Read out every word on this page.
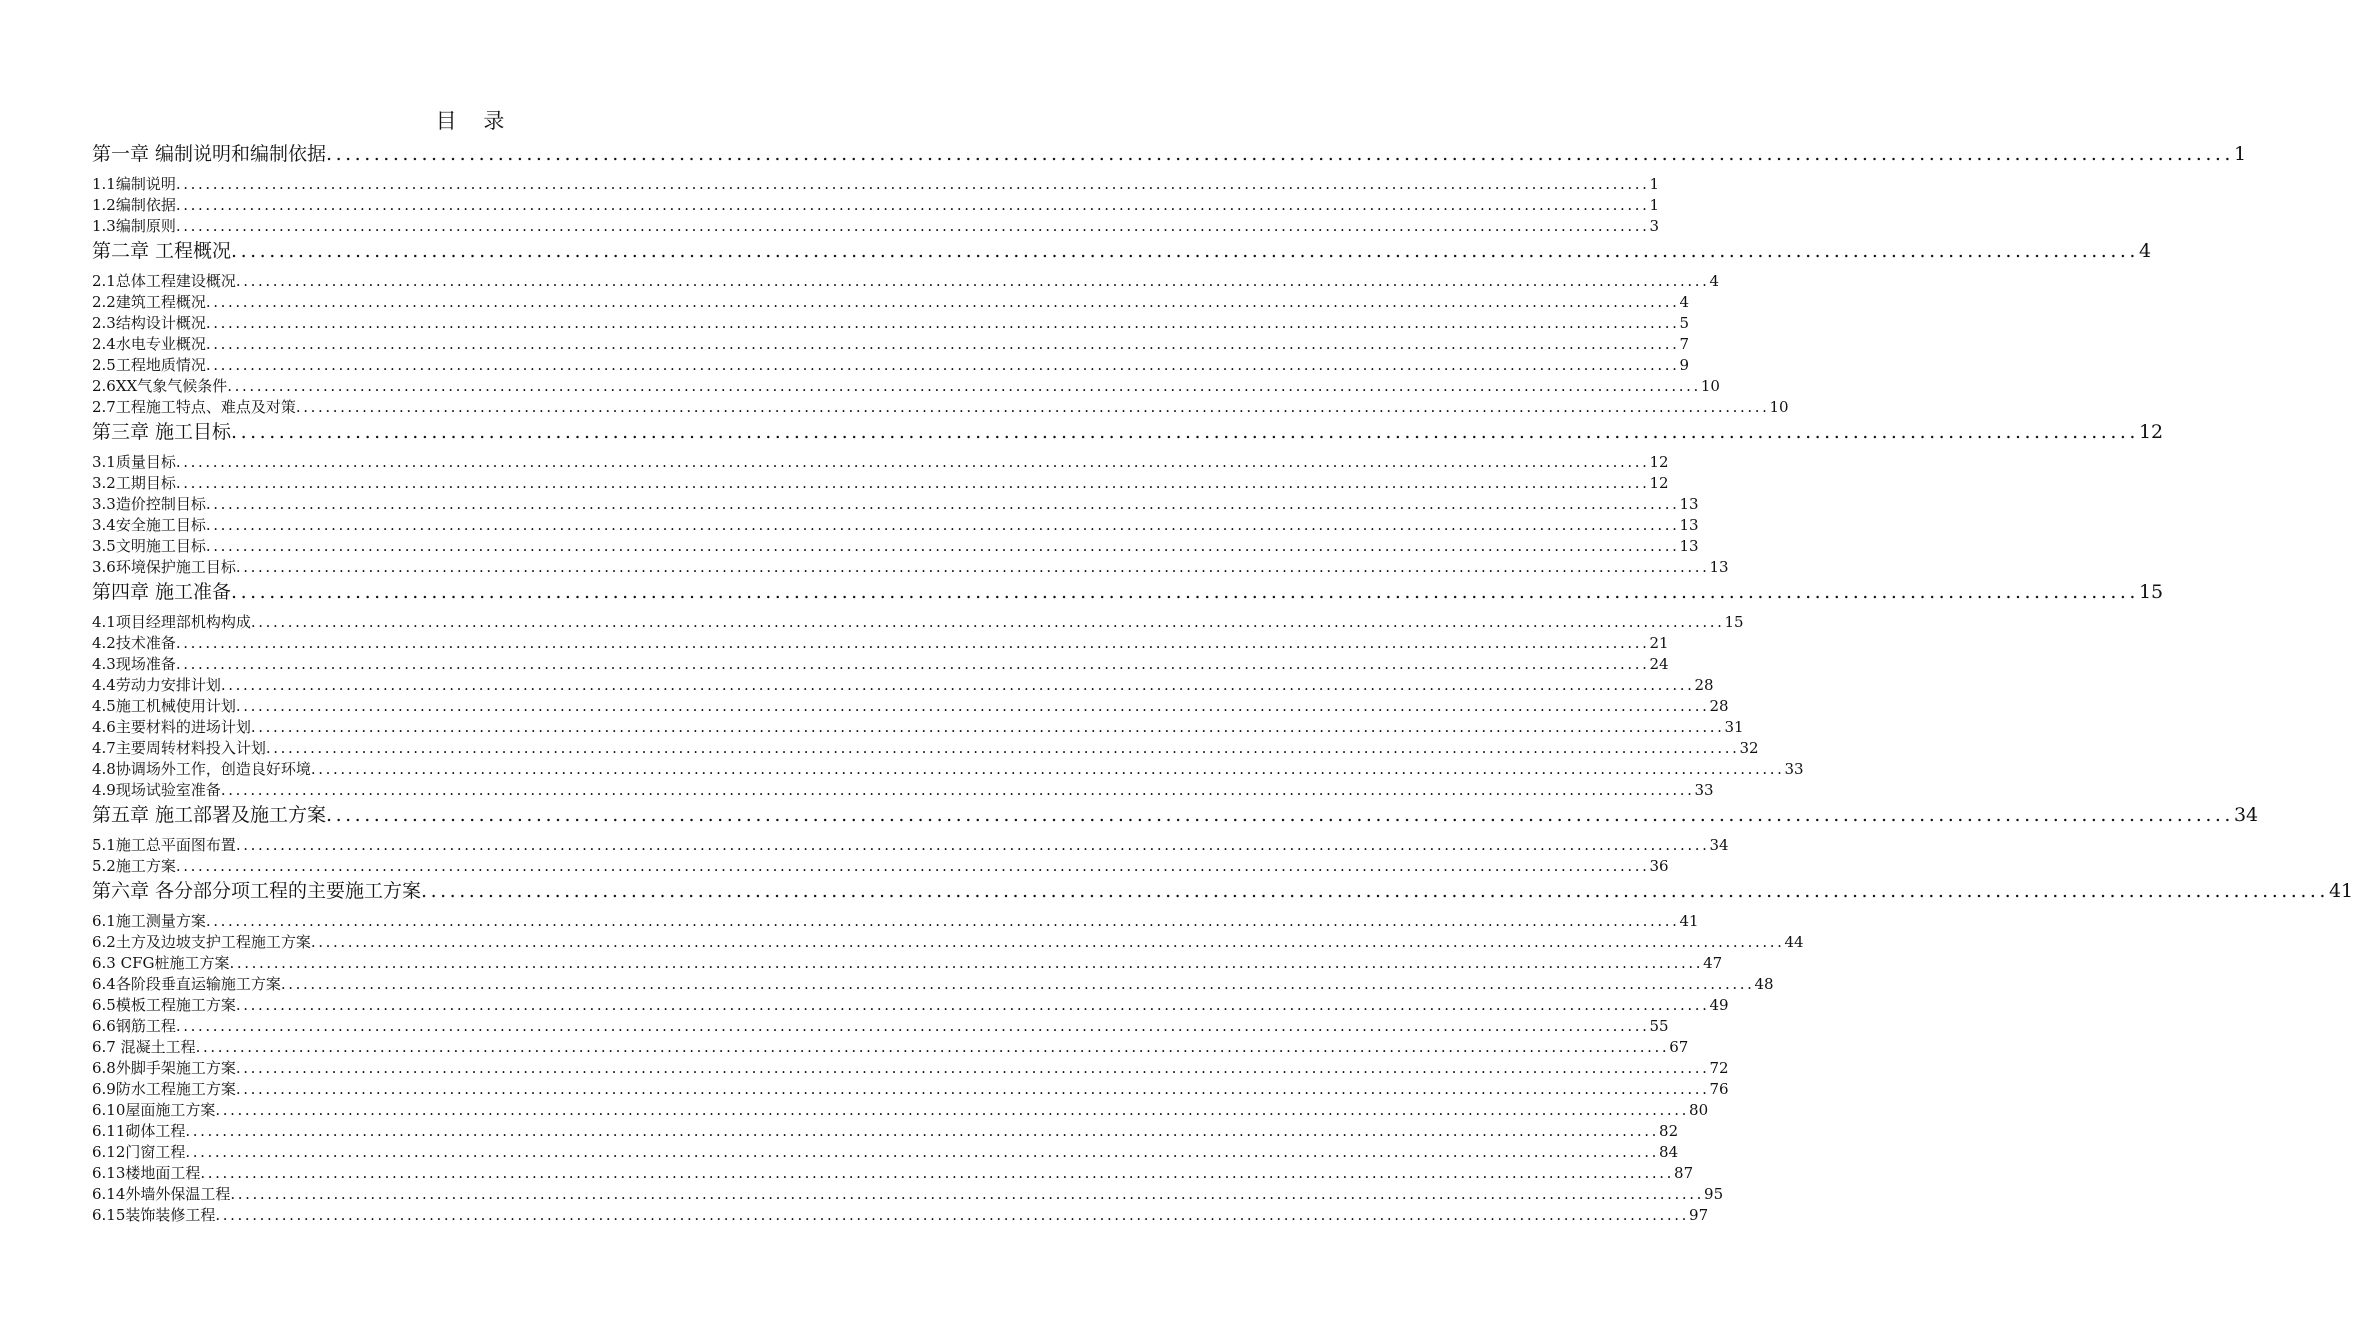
目 录
第一章 编制说明和编制依据 ........................................................................................................................................................................................................ 1
1.1编制说明 ........................................................................................................................................................................................................ 1
1.2编制依据 ........................................................................................................................................................................................................ 1
1.3编制原则 ........................................................................................................................................................................................................ 3
第二章 工程概况 ........................................................................................................................................................................................................ 4
2.1总体工程建设概况 ........................................................................................................................................................................................................ 4
2.2建筑工程概况 ........................................................................................................................................................................................................ 4
2.3结构设计概况 ........................................................................................................................................................................................................ 5
2.4水电专业概况 ........................................................................................................................................................................................................ 7
2.5工程地质情况 ........................................................................................................................................................................................................ 9
2.6XX气象气候条件 ........................................................................................................................................................................................................ 10
2.7工程施工特点、难点及对策 ........................................................................................................................................................................................................ 10
第三章 施工目标 ........................................................................................................................................................................................................ 12
3.1质量目标 ........................................................................................................................................................................................................ 12
3.2工期目标 ........................................................................................................................................................................................................ 12
3.3造价控制目标 ........................................................................................................................................................................................................ 13
3.4安全施工目标 ........................................................................................................................................................................................................ 13
3.5文明施工目标 ........................................................................................................................................................................................................ 13
3.6环境保护施工目标 ........................................................................................................................................................................................................ 13
第四章 施工准备 ........................................................................................................................................................................................................ 15
4.1项目经理部机构构成 ........................................................................................................................................................................................................ 15
4.2技术准备 ........................................................................................................................................................................................................ 21
4.3现场准备 ........................................................................................................................................................................................................ 24
4.4劳动力安排计划 ........................................................................................................................................................................................................ 28
4.5施工机械使用计划 ........................................................................................................................................................................................................ 28
4.6主要材料的进场计划 ........................................................................................................................................................................................................ 31
4.7主要周转材料投入计划 ........................................................................................................................................................................................................ 32
4.8协调场外工作，创造良好环境 ........................................................................................................................................................................................................ 33
4.9现场试验室准备 ........................................................................................................................................................................................................ 33
第五章 施工部署及施工方案 ........................................................................................................................................................................................................ 34
5.1施工总平面图布置 ........................................................................................................................................................................................................ 34
5.2施工方案 ........................................................................................................................................................................................................ 36
第六章 各分部分项工程的主要施工方案 ........................................................................................................................................................................................................ 41
6.1施工测量方案 ........................................................................................................................................................................................................ 41
6.2土方及边坡支护工程施工方案 ........................................................................................................................................................................................................ 44
6.3 CFG桩施工方案 ........................................................................................................................................................................................................ 47
6.4各阶段垂直运输施工方案 ........................................................................................................................................................................................................ 48
6.5模板工程施工方案 ........................................................................................................................................................................................................ 49
6.6钢筋工程 ........................................................................................................................................................................................................ 55
6.7 混凝土工程 ........................................................................................................................................................................................................ 67
6.8外脚手架施工方案 ........................................................................................................................................................................................................ 72
6.9防水工程施工方案 ........................................................................................................................................................................................................ 76
6.10屋面施工方案 ........................................................................................................................................................................................................ 80
6.11砌体工程 ........................................................................................................................................................................................................ 82
6.12门窗工程 ........................................................................................................................................................................................................ 84
6.13楼地面工程 ........................................................................................................................................................................................................ 87
6.14外墙外保温工程 ........................................................................................................................................................................................................ 95
6.15装饰装修工程 ........................................................................................................................................................................................................ 97
